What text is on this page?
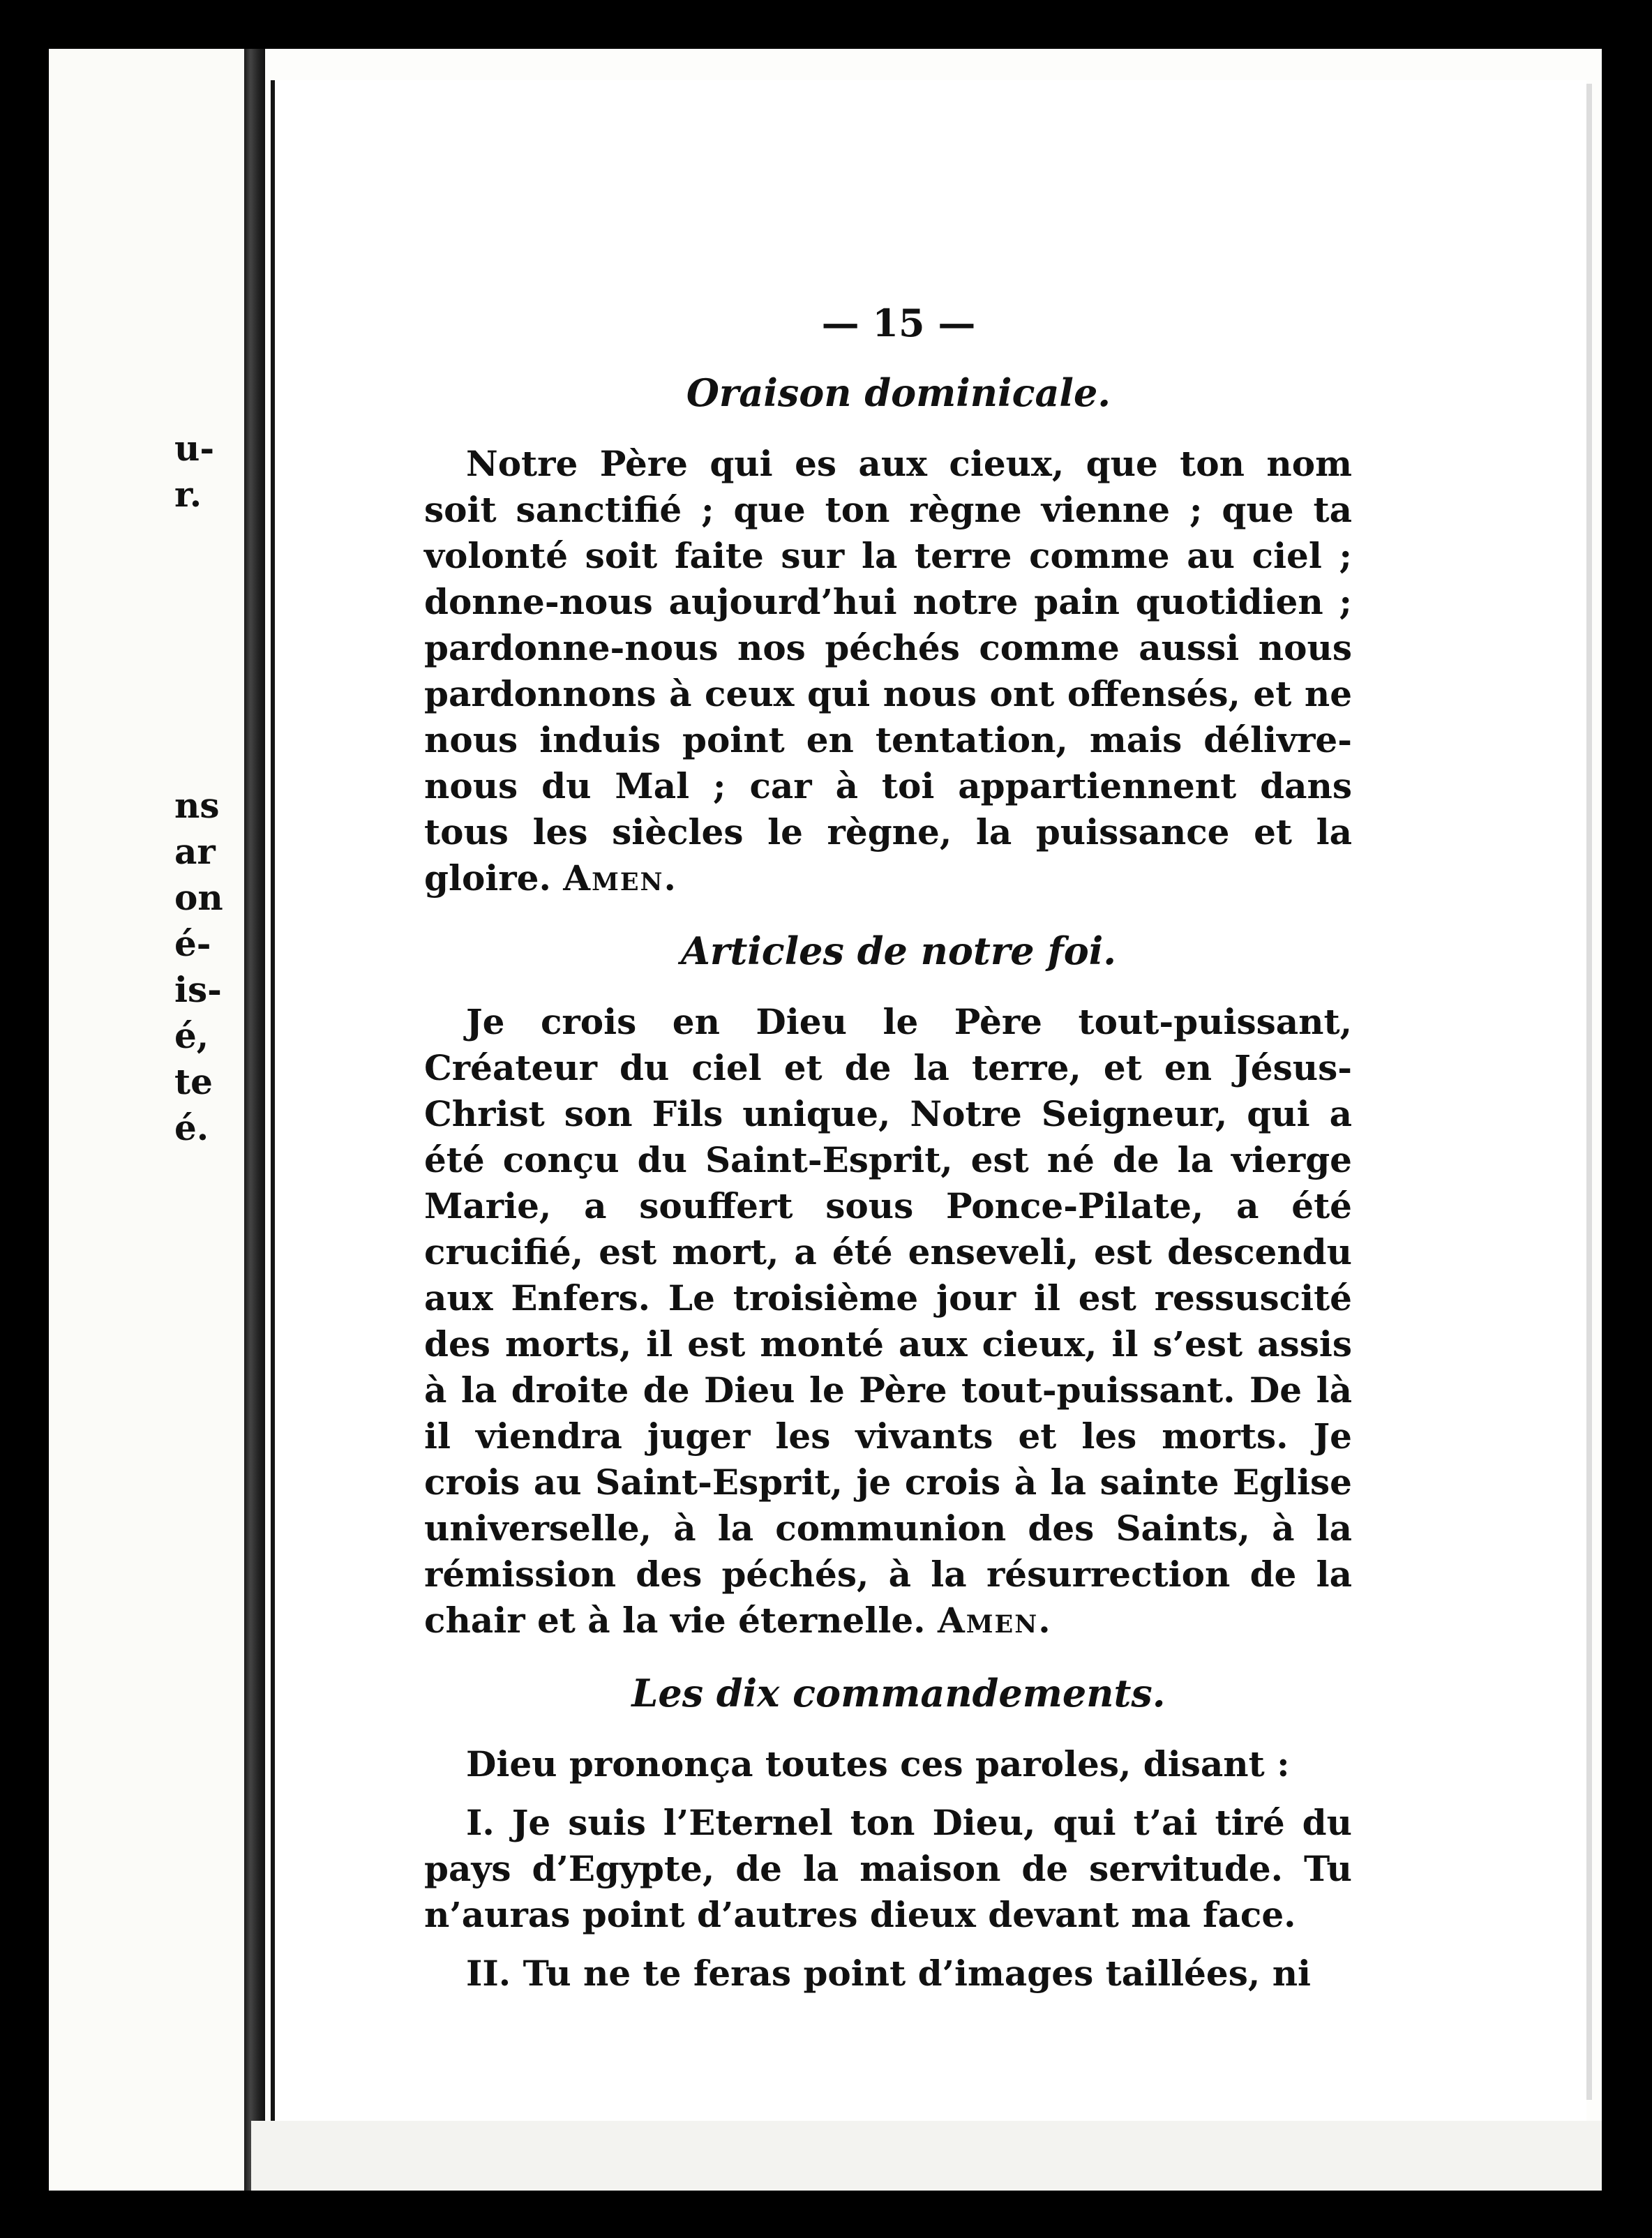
u-
r.
ns
ar
on
é-
is-
é,
te
é.
— 15 —
Oraison dominicale.

Notre Père qui es aux cieux, que ton nom soit sanctifié ; que ton règne vienne ; que ta volonté soit faite sur la terre comme au ciel ; donne-nous aujourd’hui notre pain quotidien ; pardonne-nous nos péchés comme aussi nous pardonnons à ceux qui nous ont offensés, et ne nous induis point en tentation, mais délivre-nous du Mal ; car à toi appartiennent dans tous les siècles le règne, la puissance et la gloire. Amen.

Articles de notre foi.

Je crois en Dieu le Père tout-puissant, Créateur du ciel et de la terre, et en Jésus-Christ son Fils unique, Notre Seigneur, qui a été conçu du Saint-Esprit, est né de la vierge Marie, a souffert sous Ponce-Pilate, a été crucifié, est mort, a été enseveli, est descendu aux Enfers. Le troisième jour il est ressuscité des morts, il est monté aux cieux, il s’est assis à la droite de Dieu le Père tout-puissant. De là il viendra juger les vivants et les morts. Je crois au Saint-Esprit, je crois à la sainte Eglise universelle, à la communion des Saints, à la rémission des péchés, à la résurrection de la chair et à la vie éternelle. Amen.

Les dix commandements.

Dieu prononça toutes ces paroles, disant :

I. Je suis l’Eternel ton Dieu, qui t’ai tiré du pays d’Egypte, de la maison de servitude. Tu n’auras point d’autres dieux devant ma face.

II. Tu ne te feras point d’images taillées, ni
